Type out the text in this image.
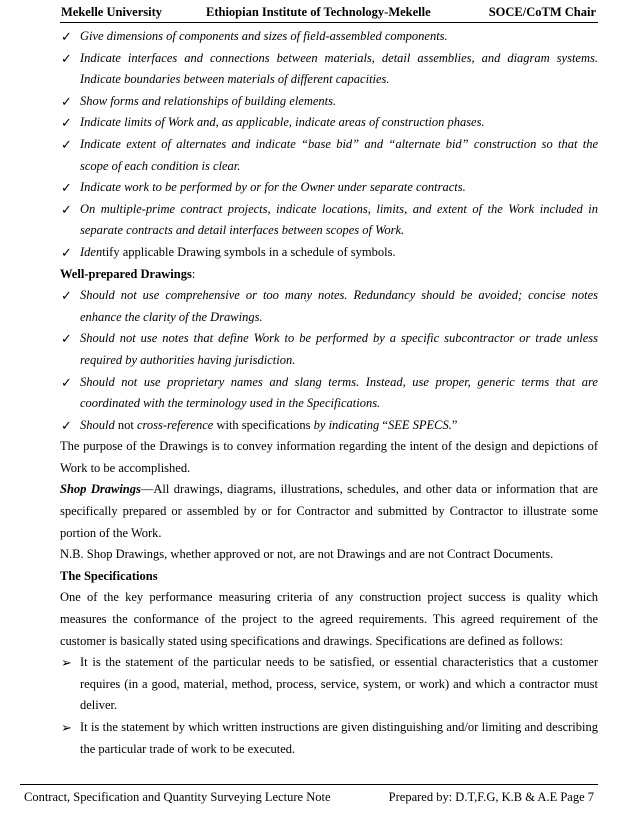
Mekelle University	Ethiopian Institute of Technology-Mekelle	SOCE/CoTM Chair
✓ Give dimensions of components and sizes of field-assembled components.
✓ Indicate interfaces and connections between materials, detail assemblies, and diagram systems. Indicate boundaries between materials of different capacities.
✓ Show forms and relationships of building elements.
✓ Indicate limits of Work and, as applicable, indicate areas of construction phases.
✓ Indicate extent of alternates and indicate “base bid” and “alternate bid” construction so that the scope of each condition is clear.
✓ Indicate work to be performed by or for the Owner under separate contracts.
✓ On multiple-prime contract projects, indicate locations, limits, and extent of the Work included in separate contracts and detail interfaces between scopes of Work.
✓ Identify applicable Drawing symbols in a schedule of symbols.

Well-prepared Drawings:

✓ Should not use comprehensive or too many notes. Redundancy should be avoided; concise notes enhance the clarity of the Drawings.
✓ Should not use notes that define Work to be performed by a specific subcontractor or trade unless required by authorities having jurisdiction.
✓ Should not use proprietary names and slang terms. Instead, use proper, generic terms that are coordinated with the terminology used in the Specifications.
✓ Should not cross-reference with specifications by indicating “SEE SPECS.”

The purpose of the Drawings is to convey information regarding the intent of the design and depictions of Work to be accomplished.

Shop Drawings—All drawings, diagrams, illustrations, schedules, and other data or information that are specifically prepared or assembled by or for Contractor and submitted by Contractor to illustrate some portion of the Work.

N.B. Shop Drawings, whether approved or not, are not Drawings and are not Contract Documents.

The Specifications

One of the key performance measuring criteria of any construction project success is quality which measures the conformance of the project to the agreed requirements. This agreed requirement of the customer is basically stated using specifications and drawings. Specifications are defined as follows:

➢ It is the statement of the particular needs to be satisfied, or essential characteristics that a customer requires (in a good, material, method, process, service, system, or work) and which a contractor must deliver.
➢ It is the statement by which written instructions are given distinguishing and/or limiting and describing the particular trade of work to be executed.
Contract, Specification and Quantity Surveying Lecture Note	Prepared by: D.T,F.G, K.B & A.E Page 7
